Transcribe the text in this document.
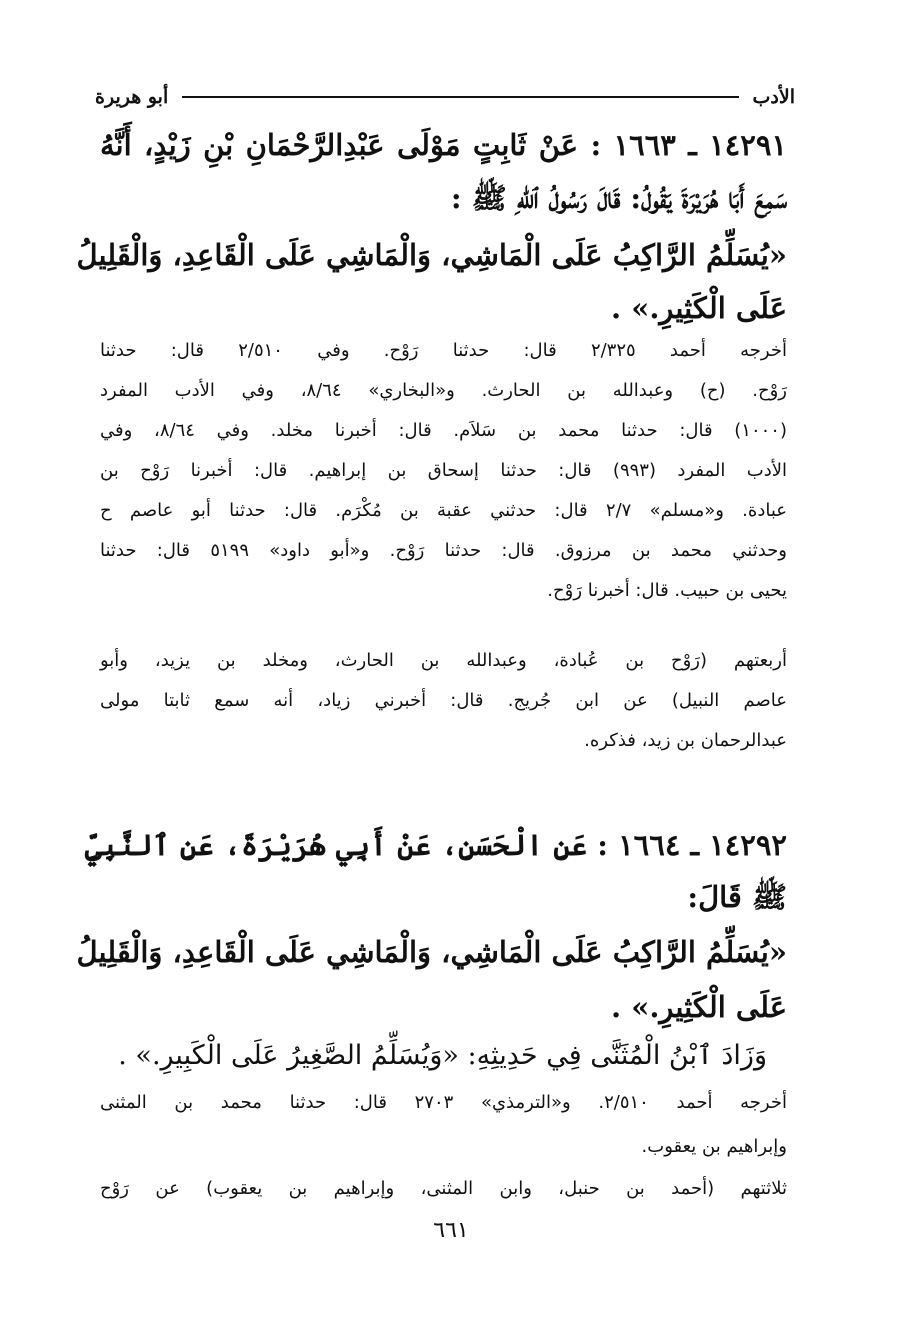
الأدب
أبو هريرة
١٤٢٩١ ـ ١٦٦٣ : عَنْ ثَابِتٍ مَوْلَى عَبْدِالرَّحْمَانِ بْنِ زَيْدٍ، أَنَّهُ
سَمِعَ أَبَا هُرَيْرَةَ يَقُولُ: قَالَ رَسُولُ ٱللهِ ﷺ :
«يُسَلِّمُ الرَّاكِبُ عَلَى الْمَاشِي، وَالْمَاشِي عَلَى الْقَاعِدِ، وَالْقَلِيلُ
عَلَى الْكَثِيرِ.» .
أخرجه أحمد ٢/٣٢٥ قال: حدثنا رَوْح. وفي ٢/٥١٠ قال: حدثنا
رَوْح. (ح) وعبدالله بن الحارث. و«البخاري» ٨/٦٤، وفي الأدب المفرد
(١٠٠٠) قال: حدثنا محمد بن سَلاَم. قال: أخبرنا مخلد. وفي ٨/٦٤، وفي
الأدب المفرد (٩٩٣) قال: حدثنا إسحاق بن إبراهيم. قال: أخبرنا رَوْح بن
عبادة. و«مسلم» ٢/٧ قال: حدثني عقبة بن مُكْرَم. قال: حدثنا أبو عاصم ح
وحدثني محمد بن مرزوق. قال: حدثنا رَوْح. و«أبو داود» ٥١٩٩ قال: حدثنا
يحيى بن حبيب. قال: أخبرنا رَوْح.
أربعتهم (رَوْح بن عُبادة، وعبدالله بن الحارث، ومخلد بن يزيد، وأبو
عاصم النبيل) عن ابن جُريج. قال: أخبرني زياد، أنه سمع ثابتا مولى
عبدالرحمان بن زيد، فذكره.
١٤٢٩٢ ـ ١٦٦٤ : عَنِ الْحَسَنِ، عَنْ أَبِي هُرَيْرَةَ، عَنِ ٱلنَّبِيِّ
ﷺ قَالَ:
«يُسَلِّمُ الرَّاكِبُ عَلَى الْمَاشِي، وَالْمَاشِي عَلَى الْقَاعِدِ، وَالْقَلِيلُ
عَلَى الْكَثِيرِ.» .
وَزَادَ ٱبْنُ الْمُثَنَّى فِي حَدِيثِهِ: «وَيُسَلِّمُ الصَّغِيرُ عَلَى الْكَبِيرِ.» .
أخرجه أحمد ٢/٥١٠. و«الترمذي» ٢٧٠٣ قال: حدثنا محمد بن المثنى
وإبراهيم بن يعقوب.
ثلاثتهم (أحمد بن حنبل، وابن المثنى، وإبراهيم بن يعقوب) عن رَوْح
٦٦١
